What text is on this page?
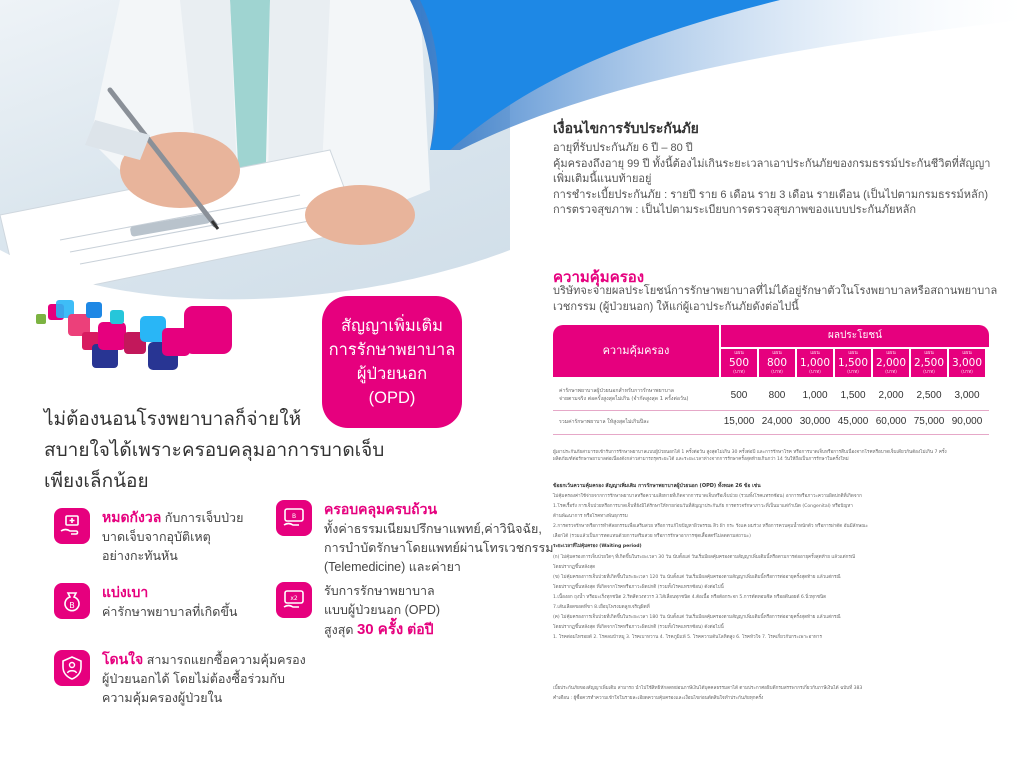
สัญญาเพิ่มเติม
การรักษาพยาบาล
ผู้ป่วยนอก
(OPD)
ไม่ต้องนอนโรงพยาบาลก็จ่ายให้
สบายใจได้เพราะครอบคลุมอาการบาดเจ็บ
เพียงเล็กน้อย
หมดกังวล กับการเจ็บป่วย
บาดเจ็บจากอุบัติเหตุ
อย่างกะทันหัน
B
แบ่งเบา
ค่ารักษาพยาบาลที่เกิดขึ้น
โดนใจ สามารถแยกซื้อความคุ้มครอง
ผู้ป่วยนอกได้ โดยไม่ต้องซื้อร่วมกับ
ความคุ้มครองผู้ป่วยใน
B ครอบคลุมครบถ้วน
ทั้งค่าธรรมเนียมปรึกษาแพทย์,ค่าวินิจฉัย,
การบำบัดรักษาโดยแพทย์ผ่านโทรเวชกรรม
(Telemedicine) และค่ายา
x2
รับการรักษาพยาบาล
แบบผู้ป่วยนอก (OPD)
สูงสุด 30 ครั้ง ต่อปี
เงื่อนไขการรับประกันภัย
อายุที่รับประกันภัย 6 ปี – 80 ปี
คุ้มครองถึงอายุ 99 ปี ทั้งนี้ต้องไม่เกินระยะเวลาเอาประกันภัยของกรมธรรม์ประกันชีวิตที่สัญญา
เพิ่มเติมนี้แนบท้ายอยู่
การชำระเบี้ยประกันภัย : รายปี ราย 6 เดือน ราย 3 เดือน รายเดือน (เป็นไปตามกรมธรรม์หลัก)
การตรวจสุขภาพ : เป็นไปตามระเบียบการตรวจสุขภาพของแบบประกันภัยหลัก
ความคุ้มครอง
บริษัทจะจ่ายผลประโยชน์การรักษาพยาบาลที่ไม่ได้อยู่รักษาตัวในโรงพยาบาลหรือสถานพยาบาล
เวชกรรม (ผู้ป่วยนอก) ให้แก่ผู้เอาประกันภัยดังต่อไปนี้
ความคุ้มครอง
ผลประโยชน์
แผน
500
(บาท)
แผน
800
(บาท)
แผน
1,000
(บาท)
แผน
1,500
(บาท)
แผน
2,000
(บาท)
แผน
2,500
(บาท)
แผน
3,000
(บาท)
ค่ารักษาพยาบาลผู้ป่วยนอกสำหรับการรักษาพยาบาล
จ่ายตามจริง ต่อครั้งสูงสุดไม่เกิน (จำกัดสูงสุด 1 ครั้งต่อวัน)	500	800	1,000	1,500	2,000	2,500	3,000
รวมค่ารักษาพยาบาล ให้สูงสุดไม่เกินปีละ	15,000 24,000 30,000 45,000 60,000 75,000 90,000
ผู้เอาประกันภัยสามารถเข้ารับการรักษาพยาบาลแบบผู้ป่วยนอกได้ 1 ครั้งต่อวัน สูงสุดไม่เกิน 30 ครั้งต่อปี และการรักษาโรค หรือการบาดเจ็บหรือการสืบเนื่องจากโรคหรือบาดเจ็บเดียวกันต้องไม่เกิน 7 ครั้ง
ผลิตภัณฑ์ต่อรักษาพยาบาลต่อเนื่องดังกล่าวสามารถรุดระยะได้ และระยะเวลาห่างจากการรักษาครั้งสุดท้ายเกินกว่า 14 วันให้ถือเป็นการรักษาในครั้งใหม่
ข้อยกเว้นความคุ้มครอง สัญญาเพิ่มเติม การรักษาพยาบาลผู้ป่วยนอก (OPD) ทั้งหมด 26 ข้อ เช่น
ไม่คุ้มครองค่าใช้จ่ายจากการรักษาพยาบาลหรือความเสียหายที่เกิดจากการบาดเจ็บหรือเจ็บป่วย (รวมทั้งโรคแทรกซ้อน) อาการหรือภาวะความผิดปกติที่เกิดจาก
1.โรคเรื้อรัง การเจ็บป่วยหรือการบาดเจ็บที่ยังมิได้รักษาให้หายก่อนวันที่สัญญาประกันภัย การตรวจรักษาภาวะที่เป็นมาแต่กำเนิด (Congenital) หรือปัญหา
ด้านพัฒนาการ หรือโรคทางพันธุกรรม
2.การตรวจรักษาหรือการทำศัลยกรรมเพื่อเสริมสวย หรือการแก้ไขปัญหาผิวพรรณ สิว ฝ้า กระ รังแค ผมร่วง หรือการควบคุมน้ำหนักตัว หรือการผ่าตัด อันมีลักษณะ
เลือกได้ (รวมแล้วเป็นการทดแทนด้วยการเสริมสวย หรือการรักษาอาการชุดเสื้อสตร์ไม่ลดตามสถานะ)
ระยะเวลาที่ไม่คุ้มครอง (Waiting period)
(ก) ไม่คุ้มครองการเจ็บป่วยใดๆ ที่เกิดขึ้นในระยะเวลา 30 วัน นับตั้งแต่ วันเริ่มมีผลคุ้มครองตามสัญญาเพิ่มเติมนี้หรือตามการต่ออายุครั้งสุดท้าย แล้วแต่กรณี
โดยปรากฏขึ้นหลังสุด
(ข) ไม่คุ้มครองการเจ็บป่วยที่เกิดขึ้นในระยะเวลา 120 วัน นับตั้งแต่ วันเริ่มมีผลคุ้มครองตามสัญญาเพิ่มเติมนี้หรือการต่ออายุครั้งสุดท้าย แล้วแต่กรณี
โดยปรากฏขึ้นหลังสุด ที่เกิดจากโรคหรือภาวะผิดปกติ (รวมทั้งโรคแทรกซ้อน) ดังต่อไปนี้
1.เนื้องอก ถุงน้ำ หรือมะเร็งทุกชนิด 2.ริดสีดวงทวาร 3.ไส้เลื่อนทุกชนิด 4.ต้อเนื้อ หรือต้อกระจก 5.การตัดทอนซิล หรืออดีนอยด์ 6.นิ่วทุกชนิด
7.เส้นเลือดขอดที่ขา 8.เยื่อบุโพรงมดลูกเจริญผิดที่
(ค) ไม่คุ้มครองการเจ็บป่วยที่เกิดขึ้นในระยะเวลา 180 วัน นับตั้งแต่ วันเริ่มมีผลคุ้มครองตามสัญญาเพิ่มเติมนี้หรือการต่ออายุครั้งสุดท้าย แล้วแต่กรณี
โดยปรากฏขึ้นหลังสุด ที่เกิดจากโรคหรือภาวะผิดปกติ (รวมทั้งโรคแทรกซ้อน) ดังต่อไปนี้
1. โรคต่อมไทรอยด์ 2. โรคลมบ้าหมู 3. โรคเบาหวาน 4. โรคภูมิแพ้ 5. โรคความดันโลหิตสูง 6. โรคหัวใจ 7. โรคเกี่ยวกับกระเพาะอาหาร
เบี้ยประกันภัยของสัญญาเพิ่มเติม สามารถ นำไปใช้สิทธิหักลดหย่อนภาษีเงินได้บุคคลธรรมดาได้ ตามประกาศอธิบดีกรมสรรพากรเกี่ยวกับภาษีเงินได้ ฉบับที่ 383
คำเตือน : ผู้ซื้อควรทำความเข้าใจในรายละเอียดความคุ้มครองและเงื่อนไขก่อนตัดสินใจทำประกันภัยทุกครั้ง
